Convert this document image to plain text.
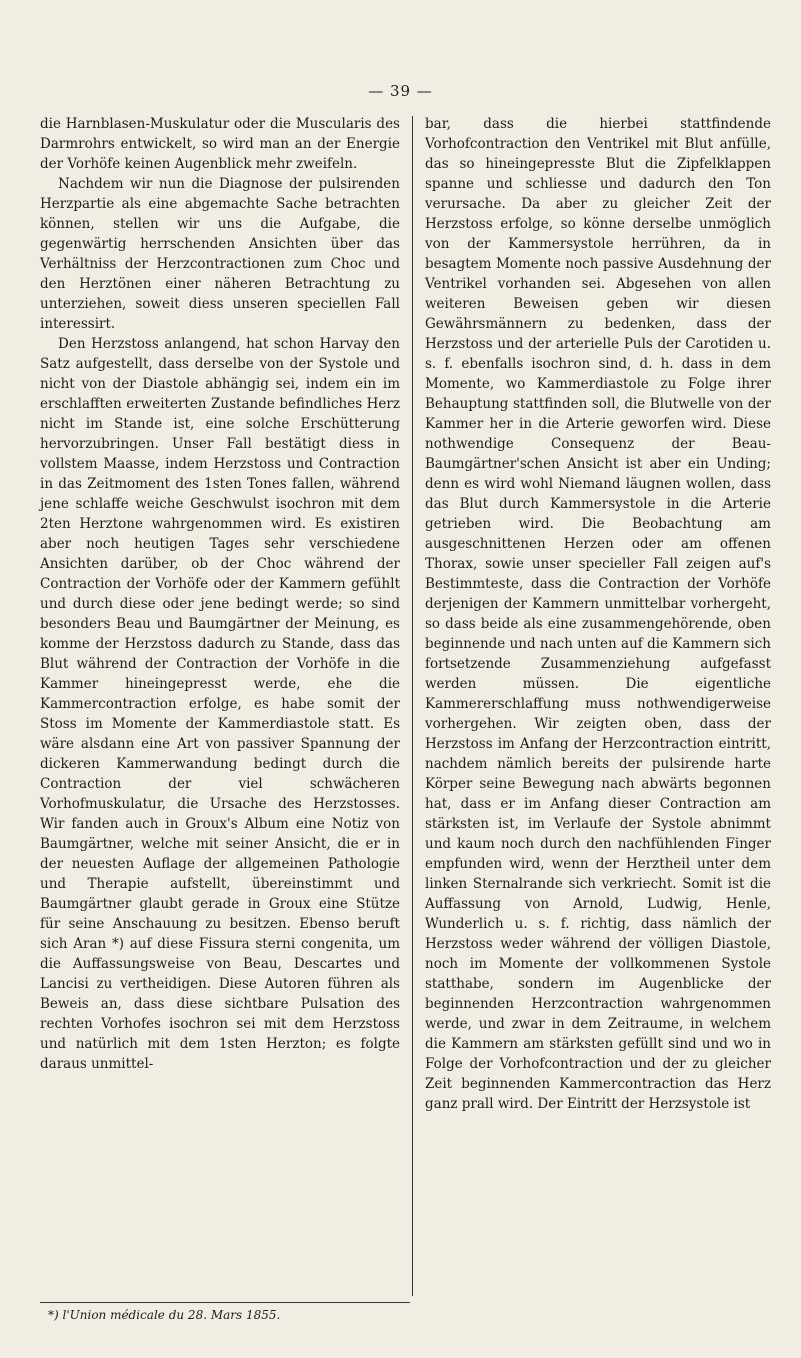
— 39 —

die Harnblasen-Muskulatur oder die Muscularis des Darmrohrs entwickelt, so wird man an der Energie der Vorhöfe keinen Augenblick mehr zweifeln.

Nachdem wir nun die Diagnose der pulsirenden Herzpartie als eine abgemachte Sache betrachten können, stellen wir uns die Aufgabe, die gegenwärtig herrschenden Ansichten über das Verhältniss der Herzcontractionen zum Choc und den Herztönen einer näheren Betrachtung zu unterziehen, soweit diess unseren speciellen Fall interessirt.

Den Herzstoss anlangend, hat schon Harvay den Satz aufgestellt, dass derselbe von der Systole und nicht von der Diastole abhängig sei, indem ein im erschlafften erweiterten Zustande befindliches Herz nicht im Stande ist, eine solche Erschütterung hervorzubringen. Unser Fall bestätigt diess in vollstem Maasse, indem Herzstoss und Contraction in das Zeitmoment des 1sten Tones fallen, während jene schlaffe weiche Geschwulst isochron mit dem 2ten Herztone wahrgenommen wird. Es existiren aber noch heutigen Tages sehr verschiedene Ansichten darüber, ob der Choc während der Contraction der Vorhöfe oder der Kammern gefühlt und durch diese oder jene bedingt werde; so sind besonders Beau und Baumgärtner der Meinung, es komme der Herzstoss dadurch zu Stande, dass das Blut während der Contraction der Vorhöfe in die Kammer hineingepresst werde, ehe die Kammercontraction erfolge, es habe somit der Stoss im Momente der Kammerdiastole statt. Es wäre alsdann eine Art von passiver Spannung der dickeren Kammerwandung bedingt durch die Contraction der viel schwächeren Vorhofmuskulatur, die Ursache des Herzstosses. Wir fanden auch in Groux's Album eine Notiz von Baumgärtner, welche mit seiner Ansicht, die er in der neuesten Auflage der allgemeinen Pathologie und Therapie aufstellt, übereinstimmt und Baumgärtner glaubt gerade in Groux eine Stütze für seine Anschauung zu besitzen. Ebenso beruft sich Aran *) auf diese Fissura sterni congenita, um die Auffassungsweise von Beau, Descartes und Lancisi zu vertheidigen. Diese Autoren führen als Beweis an, dass diese sichtbare Pulsation des rechten Vorhofes isochron sei mit dem Herzstoss und natürlich mit dem 1sten Herzton; es folgte daraus unmittel-

bar, dass die hierbei stattfindende Vorhofcontraction den Ventrikel mit Blut anfülle, das so hineingepresste Blut die Zipfelklappen spanne und schliesse und dadurch den Ton verursache. Da aber zu gleicher Zeit der Herzstoss erfolge, so könne derselbe unmöglich von der Kammersystole herrühren, da in besagtem Momente noch passive Ausdehnung der Ventrikel vorhanden sei. Abgesehen von allen weiteren Beweisen geben wir diesen Gewährsmännern zu bedenken, dass der Herzstoss und der arterielle Puls der Carotiden u. s. f. ebenfalls isochron sind, d. h. dass in dem Momente, wo Kammerdiastole zu Folge ihrer Behauptung stattfinden soll, die Blutwelle von der Kammer her in die Arterie geworfen wird. Diese nothwendige Consequenz der Beau-Baumgärtner'schen Ansicht ist aber ein Unding; denn es wird wohl Niemand läugnen wollen, dass das Blut durch Kammersystole in die Arterie getrieben wird. Die Beobachtung am ausgeschnittenen Herzen oder am offenen Thorax, sowie unser specieller Fall zeigen auf's Bestimmteste, dass die Contraction der Vorhöfe derjenigen der Kammern unmittelbar vorhergeht, so dass beide als eine zusammengehörende, oben beginnende und nach unten auf die Kammern sich fortsetzende Zusammenziehung aufgefasst werden müssen. Die eigentliche Kammererschlaffung muss nothwendigerweise vorhergehen. Wir zeigten oben, dass der Herzstoss im Anfang der Herzcontraction eintritt, nachdem nämlich bereits der pulsirende harte Körper seine Bewegung nach abwärts begonnen hat, dass er im Anfang dieser Contraction am stärksten ist, im Verlaufe der Systole abnimmt und kaum noch durch den nachfühlenden Finger empfunden wird, wenn der Herztheil unter dem linken Sternalrande sich verkriecht. Somit ist die Auffassung von Arnold, Ludwig, Henle, Wunderlich u. s. f. richtig, dass nämlich der Herzstoss weder während der völligen Diastole, noch im Momente der vollkommenen Systole statthabe, sondern im Augenblicke der beginnenden Herzcontraction wahrgenommen werde, und zwar in dem Zeitraume, in welchem die Kammern am stärksten gefüllt sind und wo in Folge der Vorhofcontraction und der zu gleicher Zeit beginnenden Kammercontraction das Herz ganz prall wird. Der Eintritt der Herzsystole ist

*) l'Union médicale du 28. Mars 1855.
